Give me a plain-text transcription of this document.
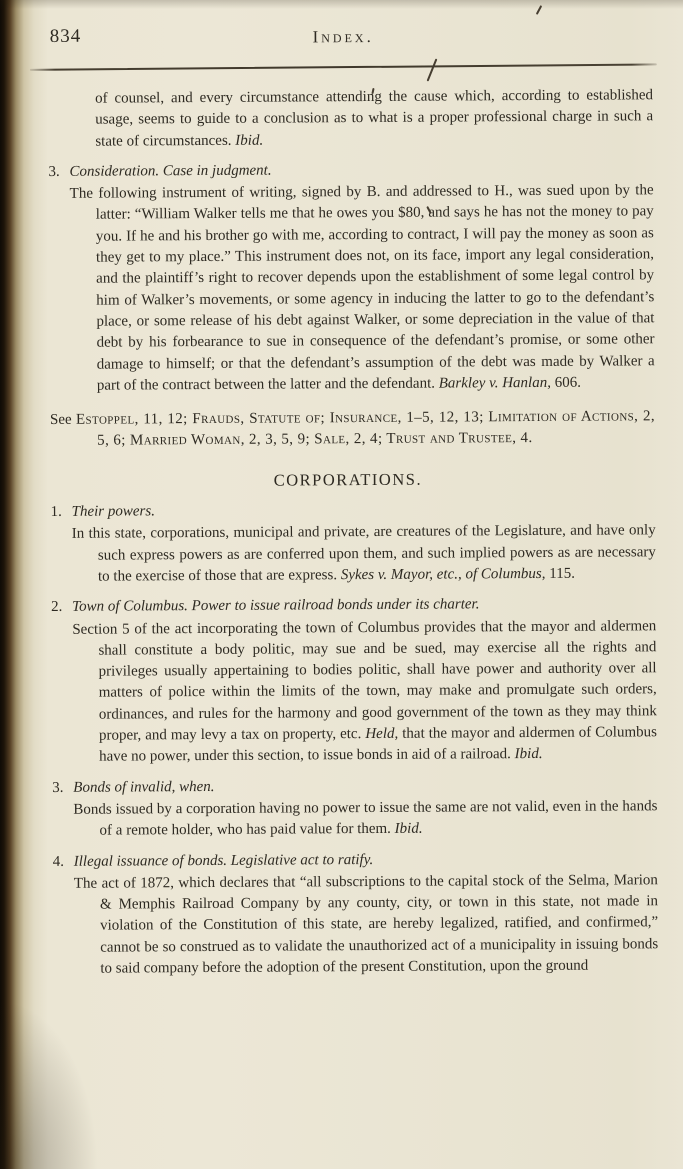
834	Index.

of counsel, and every circumstance attending the cause which, according to established usage, seems to guide to a conclusion as to what is a proper professional charge in such a state of circumstances. Ibid.

3. Consideration. Case in judgment.

The following instrument of writing, signed by B. and addressed to H., was sued upon by the latter: “William Walker tells me that he owes you $80, and says he has not the money to pay you. If he and his brother go with me, according to contract, I will pay the money as soon as they get to my place.” This instrument does not, on its face, import any legal consideration, and the plaintiff’s right to recover depends upon the establishment of some legal control by him of Walker’s movements, or some agency in inducing the latter to go to the defendant’s place, or some release of his debt against Walker, or some depreciation in the value of that debt by his forbearance to sue in consequence of the defendant’s promise, or some other damage to himself; or that the defendant’s assumption of the debt was made by Walker a part of the contract between the latter and the defendant. Barkley v. Hanlan, 606.

See Estoppel, 11, 12; Frauds, Statute of; Insurance, 1–5, 12, 13; Limitation of Actions, 2, 5, 6; Married Woman, 2, 3, 5, 9; Sale, 2, 4; Trust and Trustee, 4.

CORPORATIONS.

1. Their powers.

In this state, corporations, municipal and private, are creatures of the Legislature, and have only such express powers as are conferred upon them, and such implied powers as are necessary to the exercise of those that are express. Sykes v. Mayor, etc., of Columbus, 115.

2. Town of Columbus. Power to issue railroad bonds under its charter.

Section 5 of the act incorporating the town of Columbus provides that the mayor and aldermen shall constitute a body politic, may sue and be sued, may exercise all the rights and privileges usually appertaining to bodies politic, shall have power and authority over all matters of police within the limits of the town, may make and promulgate such orders, ordinances, and rules for the harmony and good government of the town as they may think proper, and may levy a tax on property, etc. Held, that the mayor and aldermen of Columbus have no power, under this section, to issue bonds in aid of a railroad. Ibid.

3. Bonds of invalid, when.

Bonds issued by a corporation having no power to issue the same are not valid, even in the hands of a remote holder, who has paid value for them. Ibid.

4. Illegal issuance of bonds. Legislative act to ratify.

The act of 1872, which declares that “all subscriptions to the capital stock of the Selma, Marion & Memphis Railroad Company by any county, city, or town in this state, not made in violation of the Constitution of this state, are hereby legalized, ratified, and confirmed,” cannot be so construed as to validate the unauthorized act of a municipality in issuing bonds to said company before the adoption of the present Constitution, upon the ground
